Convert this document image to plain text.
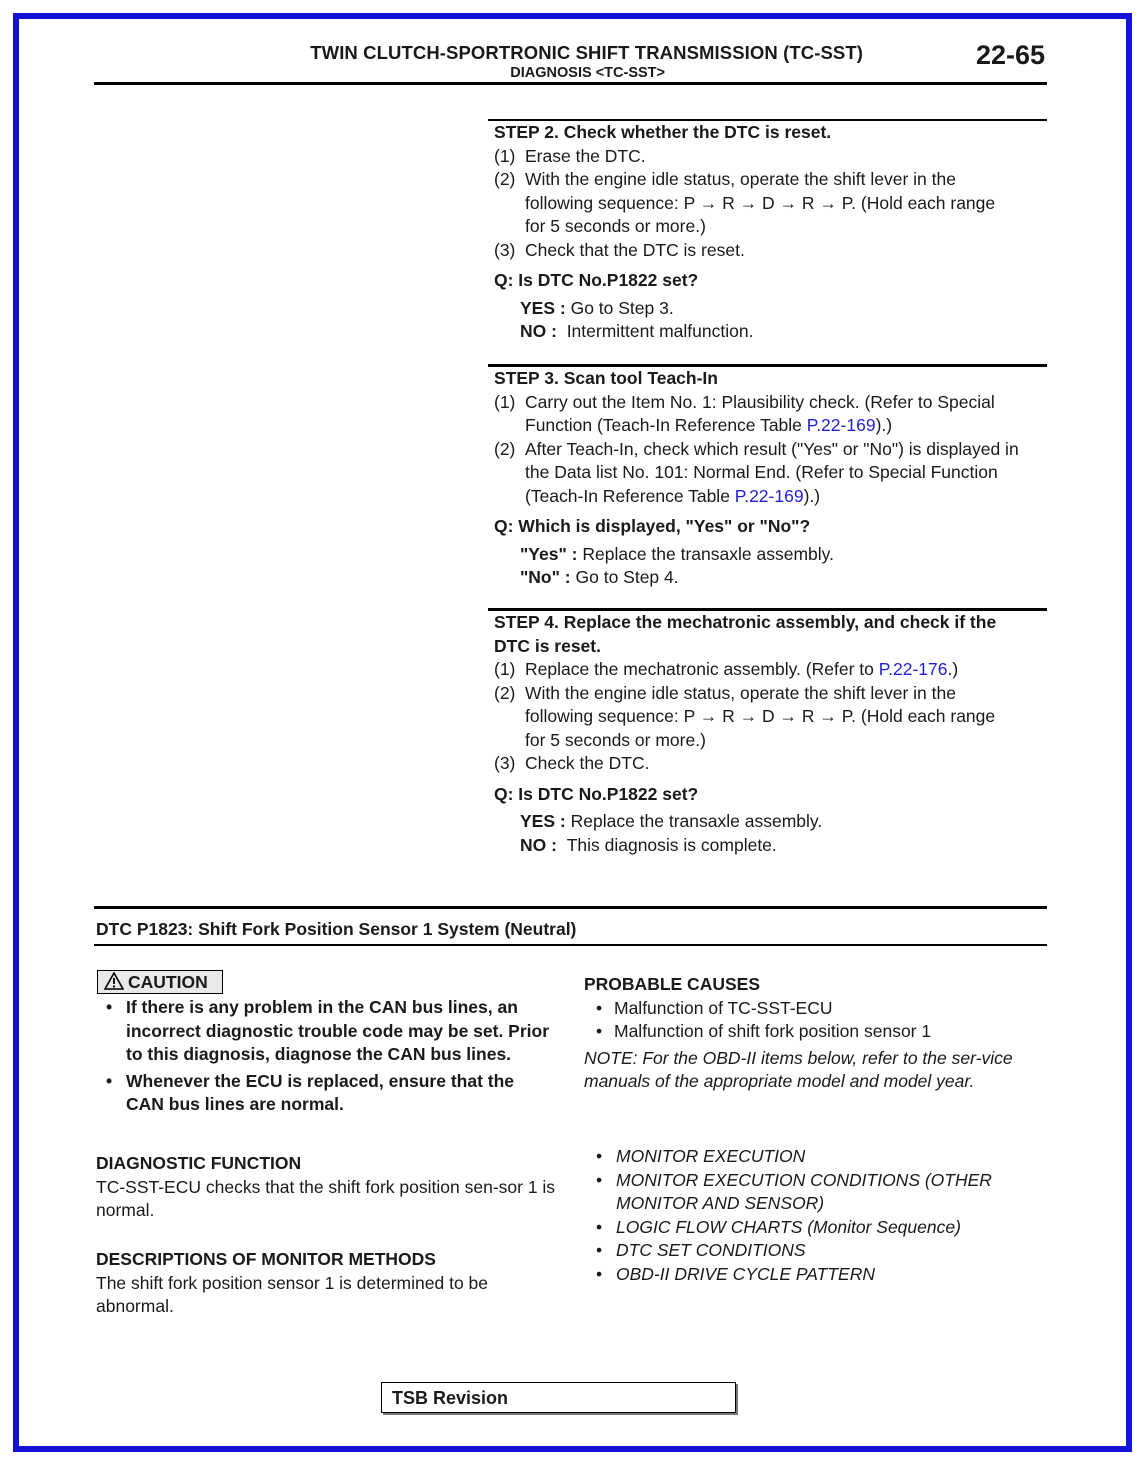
TWIN CLUTCH-SPORTRONIC SHIFT TRANSMISSION (TC-SST)
DIAGNOSIS <TC-SST>
22-65
STEP 2. Check whether the DTC is reset.
(1) Erase the DTC.
(2) With the engine idle status, operate the shift lever in the following sequence: P → R → D → R → P. (Hold each range for 5 seconds or more.)
(3) Check that the DTC is reset.
Q: Is DTC No.P1822 set?
YES : Go to Step 3.
NO : Intermittent malfunction.
STEP 3. Scan tool Teach-In
(1) Carry out the Item No. 1: Plausibility check. (Refer to Special Function (Teach-In Reference Table P.22-169).)
(2) After Teach-In, check which result ("Yes" or "No") is displayed in the Data list No. 101: Normal End. (Refer to Special Function (Teach-In Reference Table P.22-169).)
Q: Which is displayed, "Yes" or "No"?
"Yes" : Replace the transaxle assembly.
"No" : Go to Step 4.
STEP 4. Replace the mechatronic assembly, and check if the DTC is reset.
(1) Replace the mechatronic assembly. (Refer to P.22-176.)
(2) With the engine idle status, operate the shift lever in the following sequence: P → R → D → R → P. (Hold each range for 5 seconds or more.)
(3) Check the DTC.
Q: Is DTC No.P1822 set?
YES : Replace the transaxle assembly.
NO : This diagnosis is complete.
DTC P1823: Shift Fork Position Sensor 1 System (Neutral)
CAUTION
• If there is any problem in the CAN bus lines, an incorrect diagnostic trouble code may be set. Prior to this diagnosis, diagnose the CAN bus lines.
• Whenever the ECU is replaced, ensure that the CAN bus lines are normal.
DIAGNOSTIC FUNCTION
TC-SST-ECU checks that the shift fork position sen-sor 1 is normal.
DESCRIPTIONS OF MONITOR METHODS
The shift fork position sensor 1 is determined to be abnormal.
PROBABLE CAUSES
• Malfunction of TC-SST-ECU
• Malfunction of shift fork position sensor 1
NOTE: For the OBD-II items below, refer to the ser-vice manuals of the appropriate model and model year.
• MONITOR EXECUTION
• MONITOR EXECUTION CONDITIONS (OTHER MONITOR AND SENSOR)
• LOGIC FLOW CHARTS (Monitor Sequence)
• DTC SET CONDITIONS
• OBD-II DRIVE CYCLE PATTERN
TSB Revision
